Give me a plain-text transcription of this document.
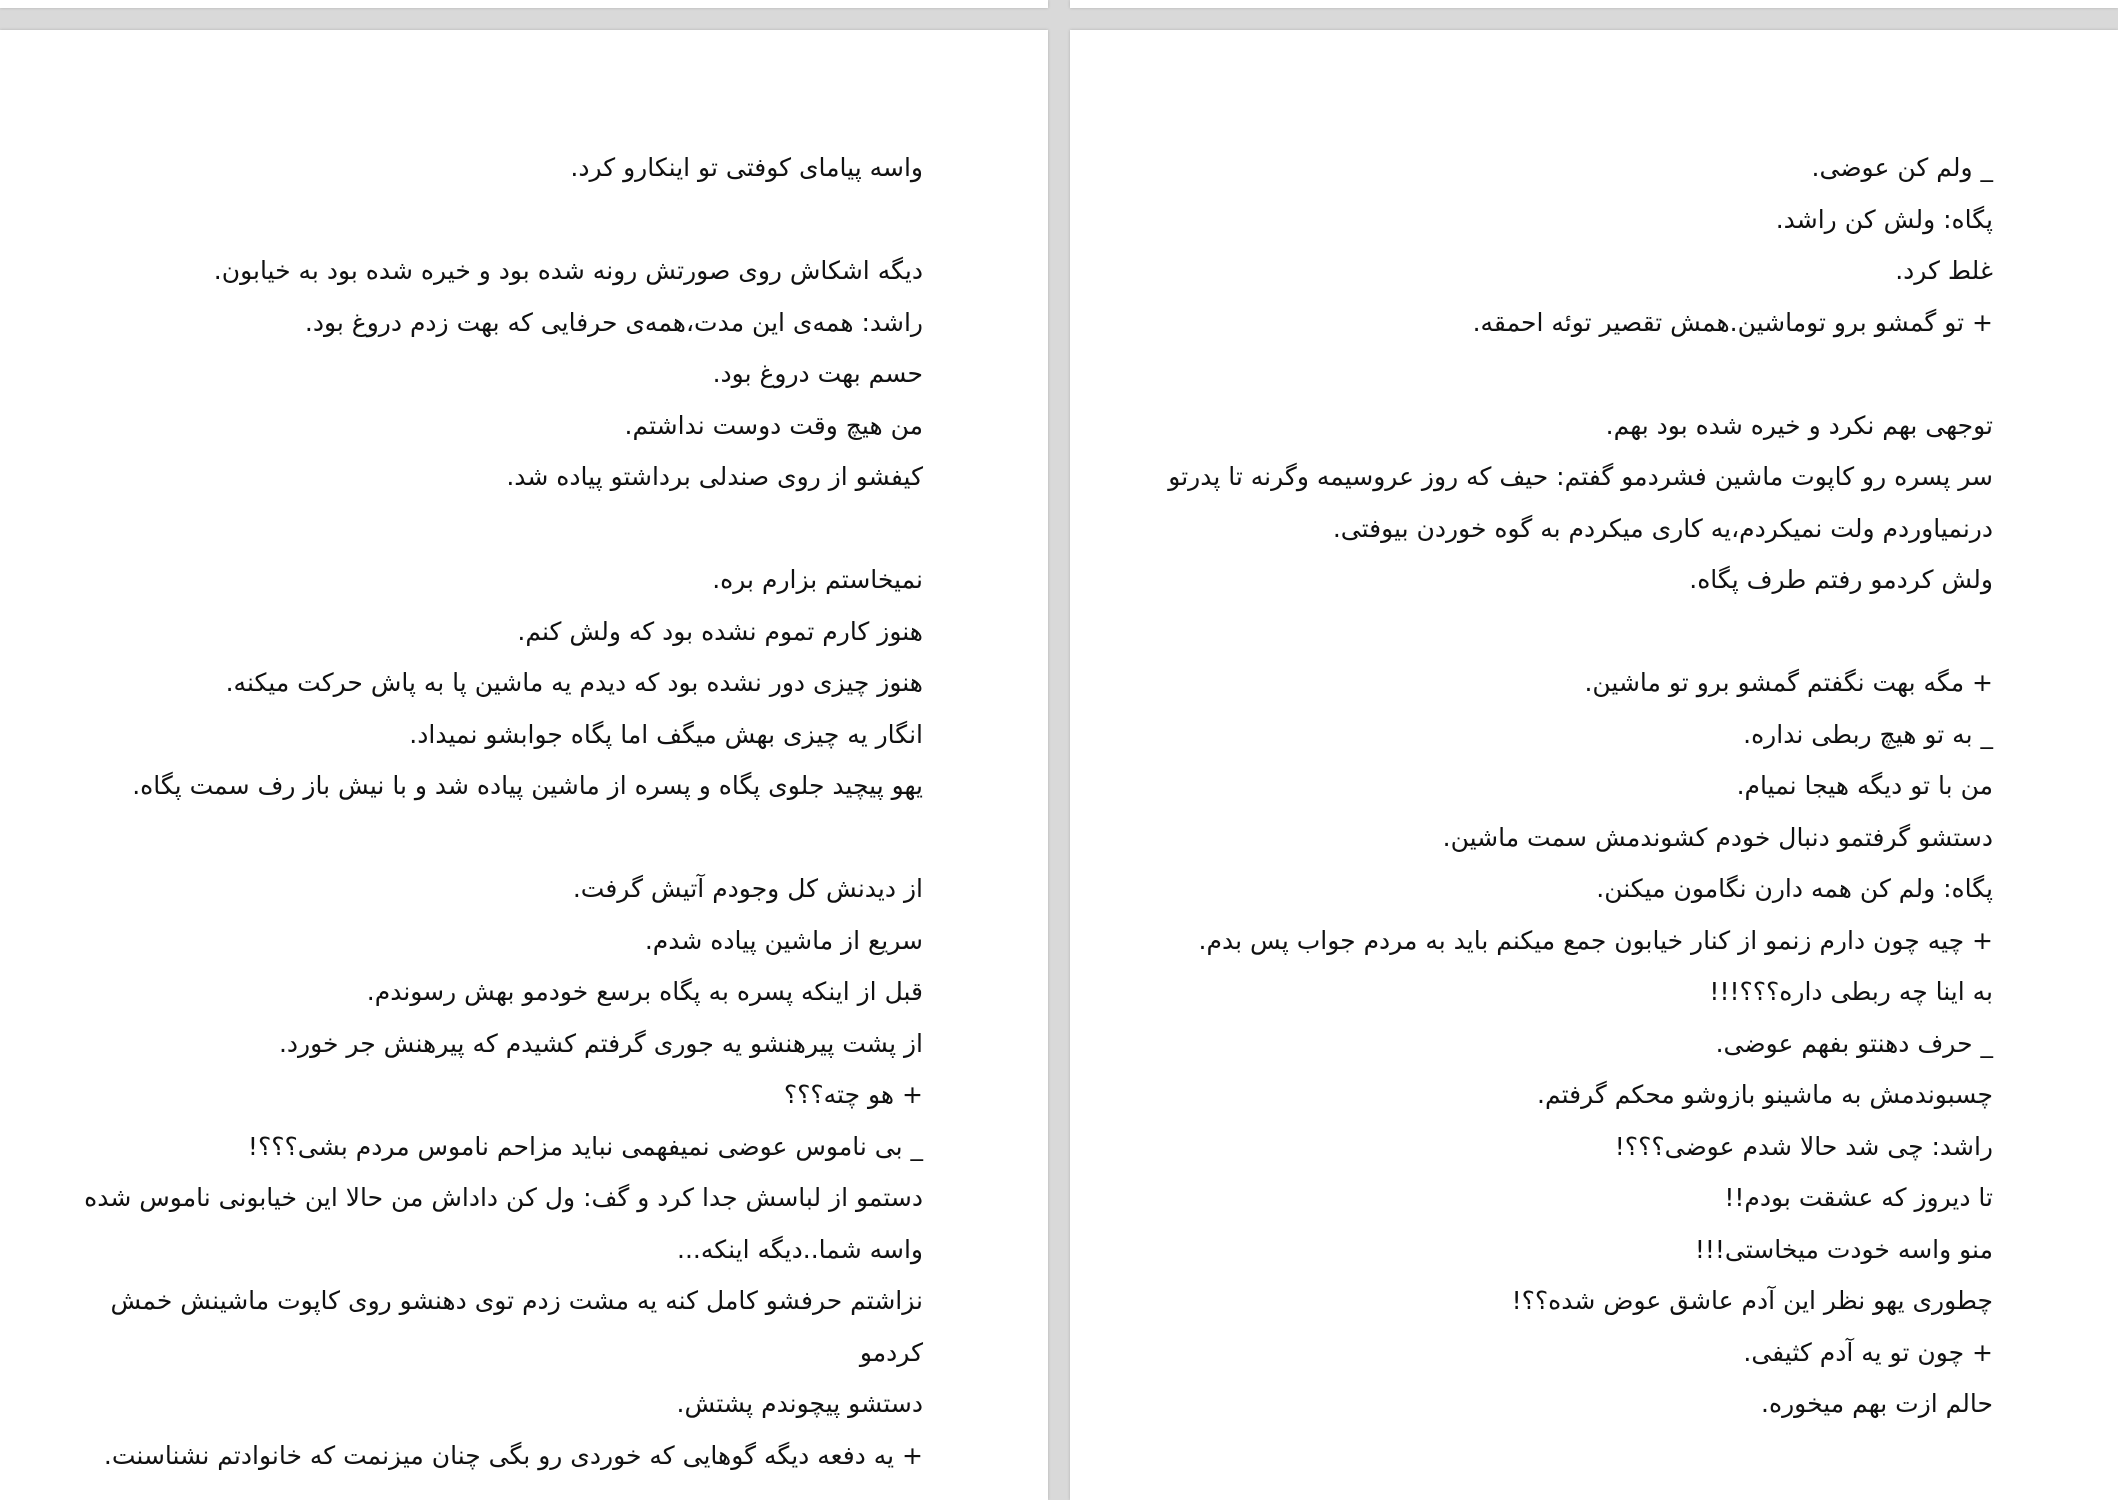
واسه پیامای کوفتی تو اینکارو کرد.
دیگه اشکاش روی صورتش رونه شده بود و خیره شده بود به خیابون.
راشد: همه‌ی این مدت،همه‌ی حرفایی که بهت زدم دروغ بود.
حسم بهت دروغ بود.
من هیچ وقت دوست نداشتم.
کیفشو از روی صندلی برداشتو پیاده شد.
نمیخاستم بزارم بره.
هنوز کارم تموم نشده بود که ولش کنم.
هنوز چیزی دور نشده بود که دیدم یه ماشین پا به پاش حرکت میکنه.
انگار یه چیزی بهش میگف اما پگاه جوابشو نمیداد.
یهو پیچید جلوی پگاه و پسره از ماشین پیاده شد و با نیش باز رف سمت پگاه.
از دیدنش کل وجودم آتیش گرفت.
سریع از ماشین پیاده شدم.
قبل از اینکه پسره به پگاه برسع خودمو بهش رسوندم.
از پشت پیرهنشو یه جوری گرفتم کشیدم که پیرهنش جر خورد.
+ هو چته؟؟؟
_ بی ناموس عوضی نمیفهمی نباید مزاحم ناموس مردم بشی؟؟؟!
دستمو از لباسش جدا کرد و گف: ول کن داداش من حالا این خیابونی ناموس شده
واسه شما..دیگه اینکه...
نزاشتم حرفشو کامل کنه یه مشت زدم توی دهنشو روی کاپوت ماشینش خمش کردمو
دستشو پیچوندم پشتش.
+ یه دفعه دیگه گوهایی که خوردی رو بگی چنان میزنمت که خانوادتم نشناسنت.
_ ولم کن عوضی.
پگاه: ولش کن راشد.
غلط کرد.
+ تو گمشو برو توماشین.همش تقصیر توئه احمقه.
توجهی بهم نکرد و خیره شده بود بهم.
سر پسره رو کاپوت ماشین فشردمو گفتم: حیف که روز عروسیمه وگرنه تا پدرتو
درنمیاوردم ولت نمیکردم،یه کاری میکردم به گوه خوردن بیوفتی.
ولش کردمو رفتم طرف پگاه.
+ مگه بهت نگفتم گمشو برو تو ماشین.
_ به تو هیچ ربطی نداره.
من با تو دیگه هیجا نمیام.
دستشو گرفتمو دنبال خودم کشوندمش سمت ماشین.
پگاه: ولم کن همه دارن نگامون میکنن.
+ چیه چون دارم زنمو از کنار خیابون جمع میکنم باید به مردم جواب پس بدم.
به اینا چه ربطی داره؟؟؟!!!
_ حرف دهنتو بفهم عوضی.
چسبوندمش به ماشینو بازوشو محکم گرفتم.
راشد: چی شد حالا شدم عوضی؟؟؟!
تا دیروز که عشقت بودم!!
منو واسه خودت میخاستی!!!
چطوری یهو نظر این آدم عاشق عوض شده؟؟!
+ چون تو یه آدم کثیفی.
حالم ازت بهم میخوره.
